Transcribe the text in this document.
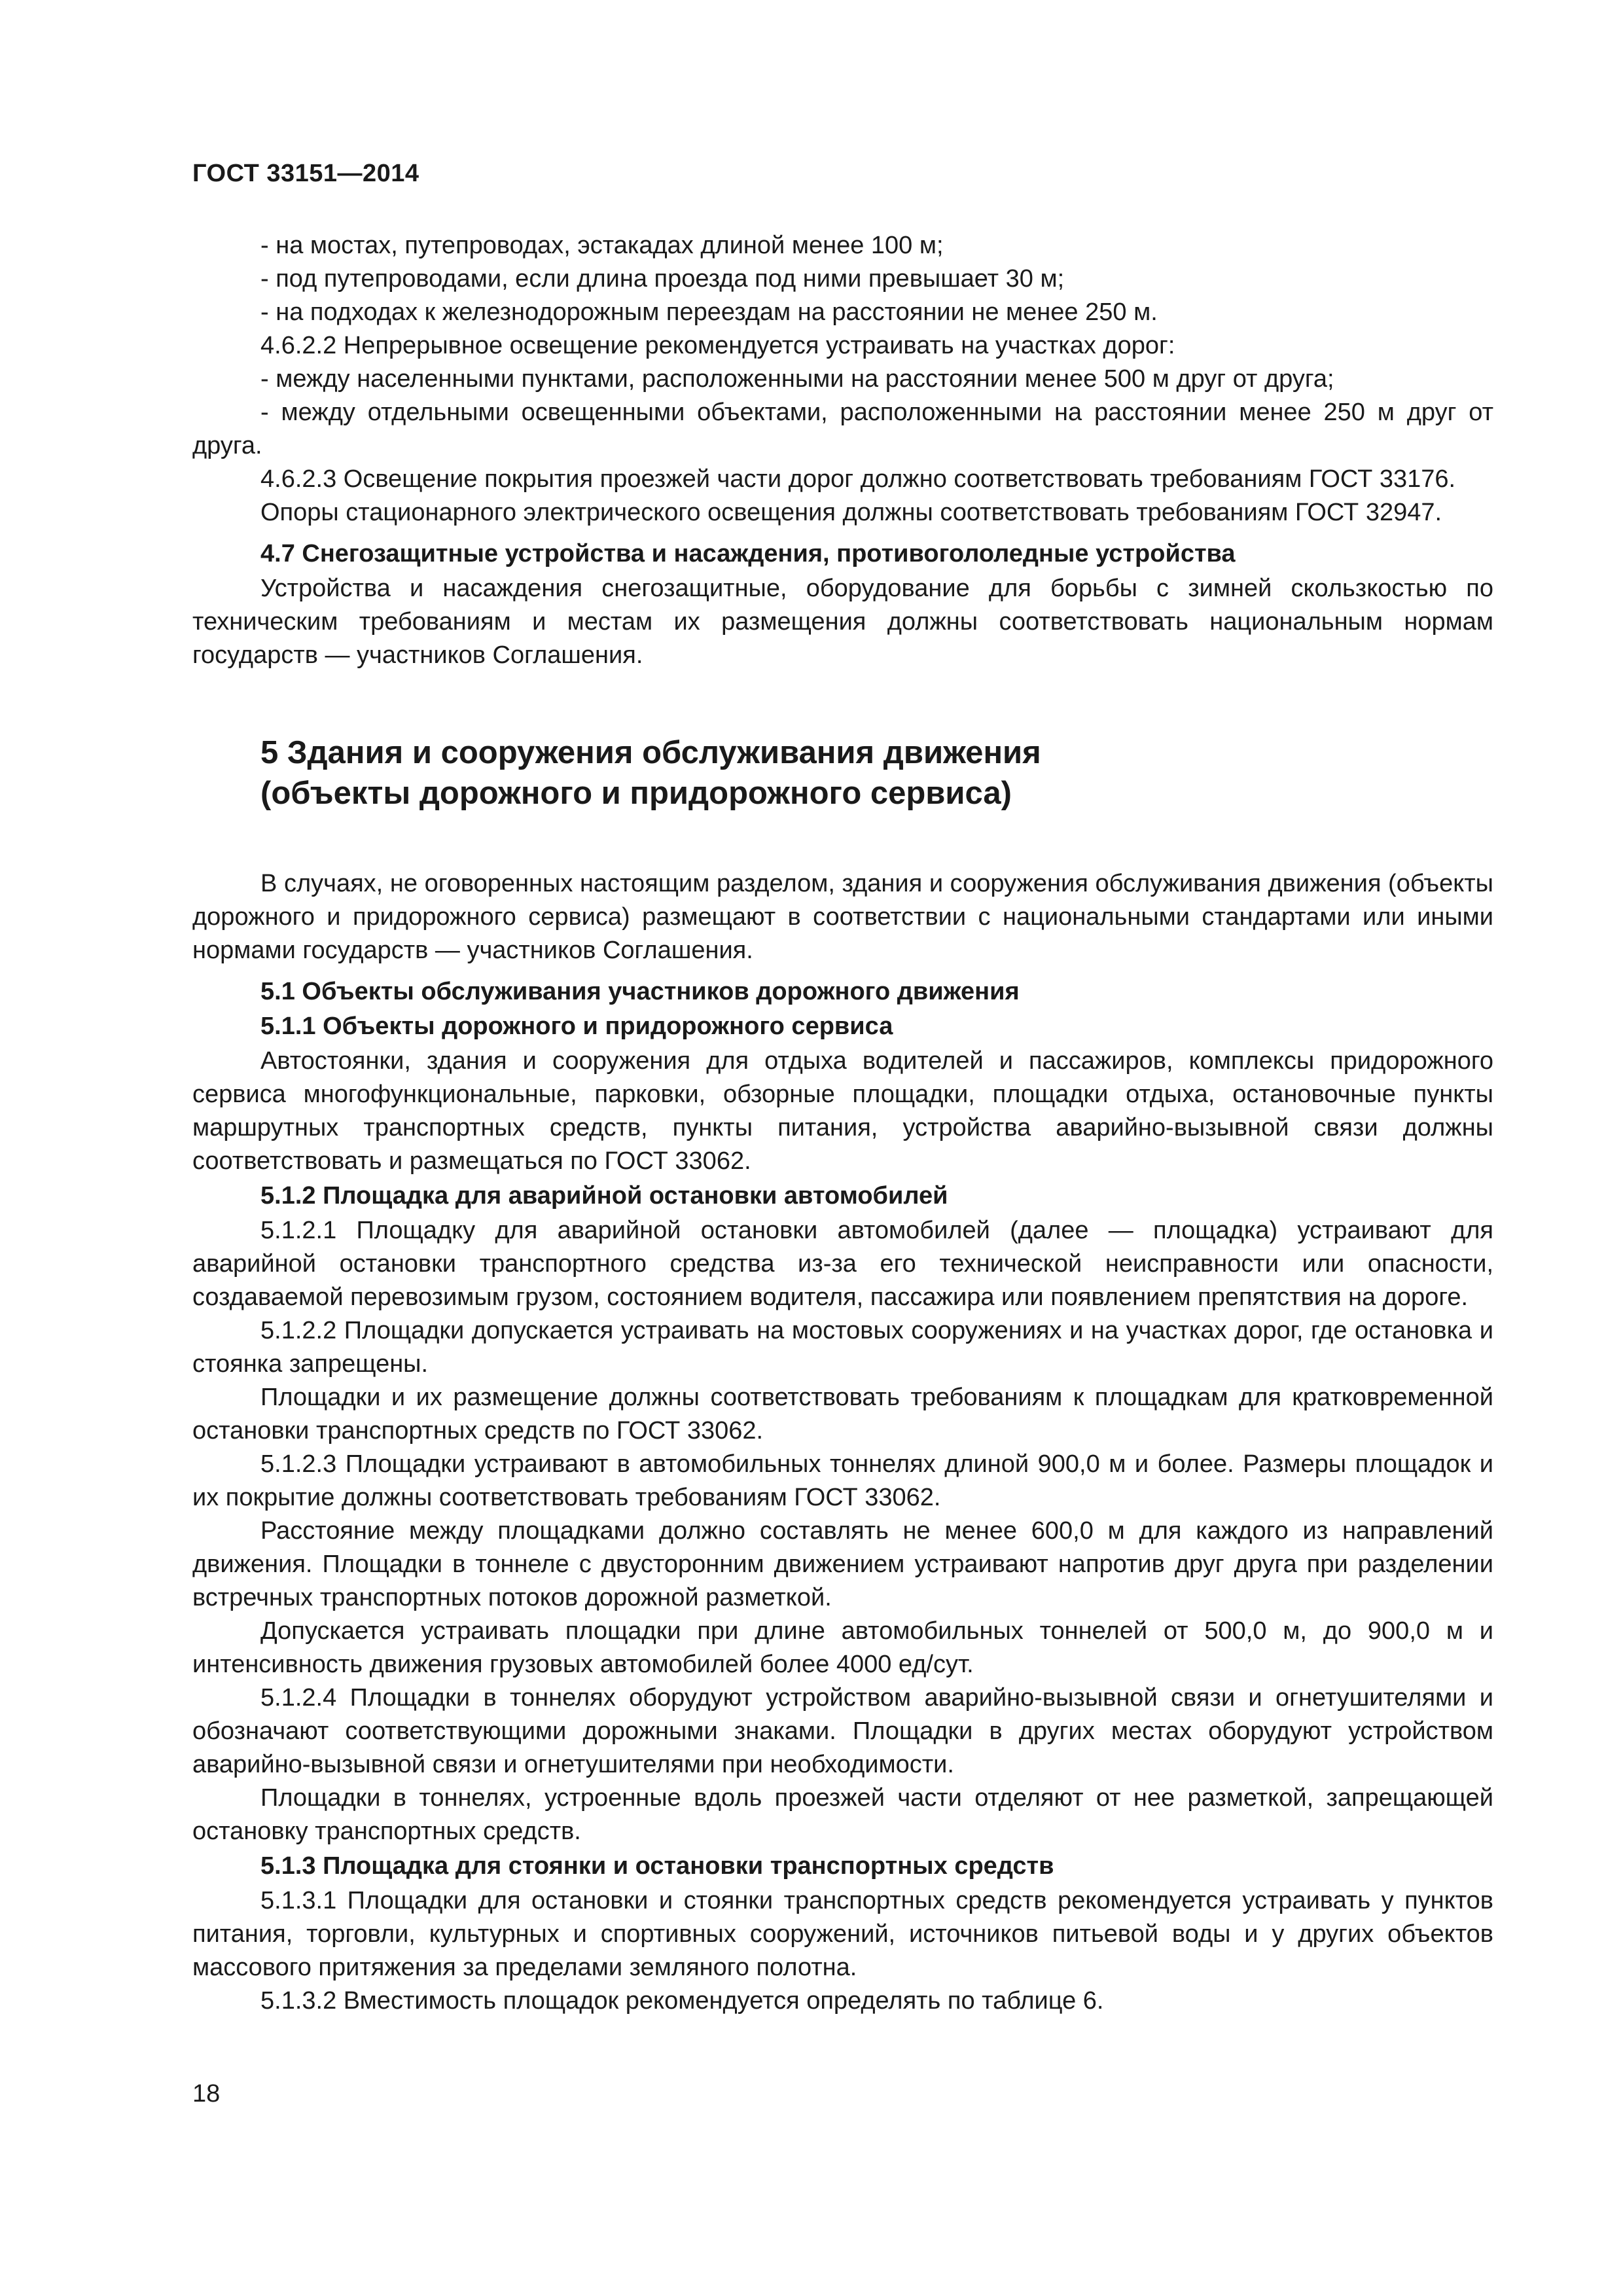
ГОСТ 33151—2014

- на мостах, путепроводах, эстакадах длиной менее 100 м;

- под путепроводами, если длина проезда под ними превышает 30 м;

- на подходах к железнодорожным переездам на расстоянии не менее 250 м.

4.6.2.2 Непрерывное освещение рекомендуется устраивать на участках дорог:

- между населенными пунктами, расположенными на расстоянии менее 500 м друг от друга;

- между отдельными освещенными объектами, расположенными на расстоянии менее 250 м друг от друга.

4.6.2.3 Освещение покрытия проезжей части дорог должно соответствовать требованиям ГОСТ 33176.

Опоры стационарного электрического освещения должны соответствовать требованиям ГОСТ 32947.

4.7 Снегозащитные устройства и насаждения, противогололедные устройства

Устройства и насаждения снегозащитные, оборудование для борьбы с зимней скользкостью по техническим требованиям и местам их размещения должны соответствовать национальным нормам государств — участников Соглашения.

5 Здания и сооружения обслуживания движения
(объекты дорожного и придорожного сервиса)

В случаях, не оговоренных настоящим разделом, здания и сооружения обслуживания движения (объекты дорожного и придорожного сервиса) размещают в соответствии с национальными стандартами или иными нормами государств — участников Соглашения.

5.1 Объекты обслуживания участников дорожного движения
5.1.1 Объекты дорожного и придорожного сервиса

Автостоянки, здания и сооружения для отдыха водителей и пассажиров, комплексы придорожного сервиса многофункциональные, парковки, обзорные площадки, площадки отдыха, остановочные пункты маршрутных транспортных средств, пункты питания, устройства аварийно-вызывной связи должны соответствовать и размещаться по ГОСТ 33062.

5.1.2 Площадка для аварийной остановки автомобилей

5.1.2.1 Площадку для аварийной остановки автомобилей (далее — площадка) устраивают для аварийной остановки транспортного средства из-за его технической неисправности или опасности, создаваемой перевозимым грузом, состоянием водителя, пассажира или появлением препятствия на дороге.

5.1.2.2 Площадки допускается устраивать на мостовых сооружениях и на участках дорог, где остановка и стоянка запрещены.

Площадки и их размещение должны соответствовать требованиям к площадкам для кратковременной остановки транспортных средств по ГОСТ 33062.

5.1.2.3 Площадки устраивают в автомобильных тоннелях длиной 900,0 м и более. Размеры площадок и их покрытие должны соответствовать требованиям ГОСТ 33062.

Расстояние между площадками должно составлять не менее 600,0 м для каждого из направлений движения. Площадки в тоннеле с двусторонним движением устраивают напротив друг друга при разделении встречных транспортных потоков дорожной разметкой.

Допускается устраивать площадки при длине автомобильных тоннелей от 500,0 м, до 900,0 м и интенсивность движения грузовых автомобилей более 4000 ед/сут.

5.1.2.4 Площадки в тоннелях оборудуют устройством аварийно-вызывной связи и огнетушителями и обозначают соответствующими дорожными знаками. Площадки в других местах оборудуют устройством аварийно-вызывной связи и огнетушителями при необходимости.

Площадки в тоннелях, устроенные вдоль проезжей части отделяют от нее разметкой, запрещающей остановку транспортных средств.

5.1.3 Площадка для стоянки и остановки транспортных средств

5.1.3.1 Площадки для остановки и стоянки транспортных средств рекомендуется устраивать у пунктов питания, торговли, культурных и спортивных сооружений, источников питьевой воды и у других объектов массового притяжения за пределами земляного полотна.

5.1.3.2 Вместимость площадок рекомендуется определять по таблице 6.

18
